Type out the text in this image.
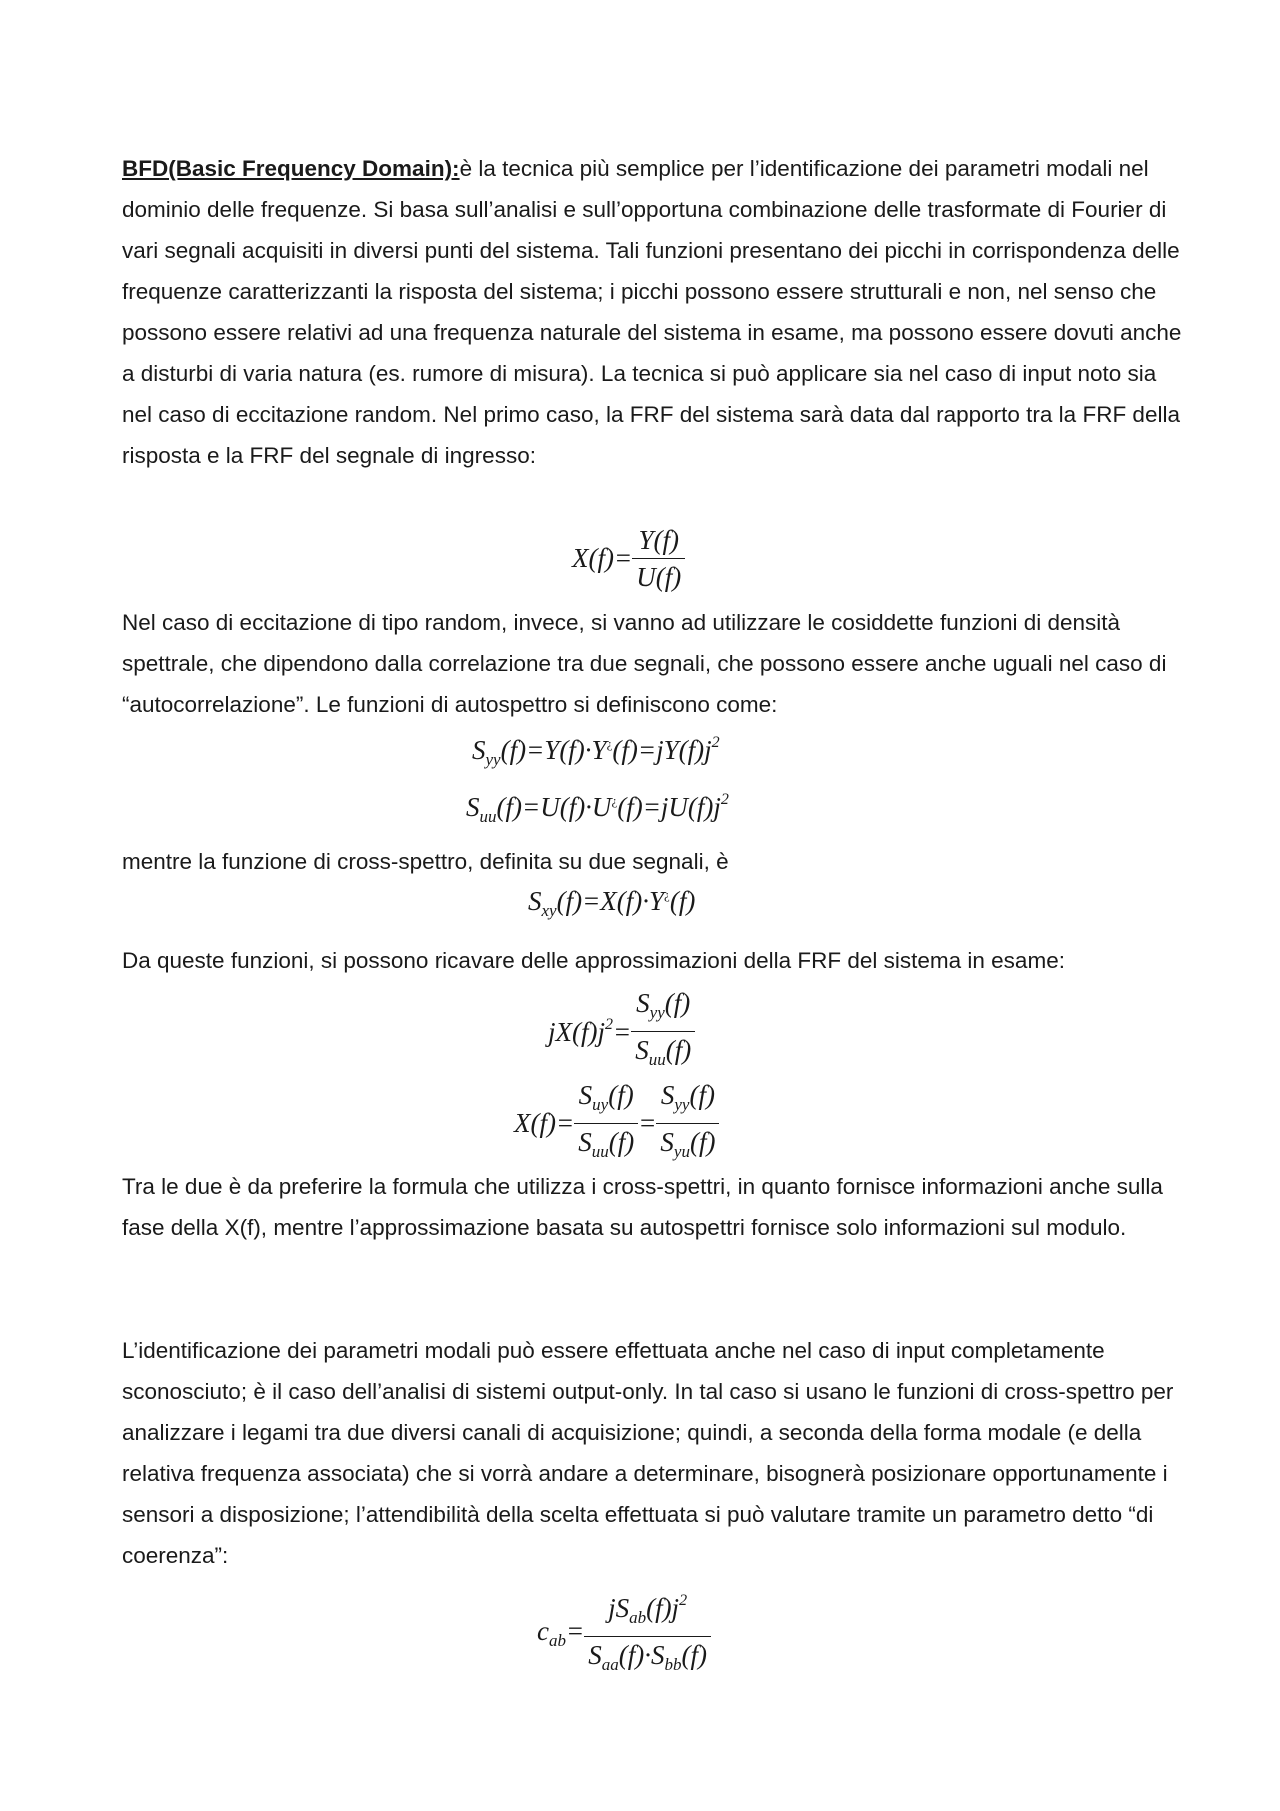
BFD(Basic Frequency Domain):è la tecnica più semplice per l’identificazione dei parametri modali nel dominio delle frequenze. Si basa sull’analisi e sull’opportuna combinazione delle trasformate di Fourier di vari segnali acquisiti in diversi punti del sistema. Tali funzioni presentano dei picchi in corrispondenza delle frequenze caratterizzanti la risposta del sistema; i picchi possono essere strutturali e non, nel senso che possono essere relativi ad una frequenza naturale del sistema in esame, ma possono essere dovuti anche a disturbi di varia natura (es. rumore di misura). La tecnica si può applicare sia nel caso di input noto sia nel caso di eccitazione random. Nel primo caso, la FRF del sistema sarà data dal rapporto tra la FRF della risposta e la FRF del segnale di ingresso:

$X(f)= \frac{Y(f)}{U(f)}$

Nel caso di eccitazione di tipo random, invece, si vanno ad utilizzare le cosiddette funzioni di densità spettrale, che dipendono dalla correlazione tra due segnali, che possono essere anche uguali nel caso di “autocorrelazione”. Le funzioni di autospettro si definiscono come:

$S_{yy}(f)=Y(f)\cdot Y^¿(f)=jY(f)j^2$
$S_{uu}(f)=U(f)\cdot U^¿(f)=jU(f)j^2$

mentre la funzione di cross-spettro, definita su due segnali, è

$S_{xy}(f)=X(f)\cdot Y^¿(f)$

Da queste funzioni, si possono ricavare delle approssimazioni della FRF del sistema in esame:

$jX(f)j^2= \frac{S_{yy}(f)}{S_{uu}(f)}$
$X(f)= \frac{S_{uy}(f)}{S_{uu}(f)} = \frac{S_{yy}(f)}{S_{yu}(f)}$

Tra le due è da preferire la formula che utilizza i cross-spettri, in quanto fornisce informazioni anche sulla fase della X(f), mentre l’approssimazione basata su autospettri fornisce solo informazioni sul modulo.

L’identificazione dei parametri modali può essere effettuata anche nel caso di input completamente sconosciuto; è il caso dell’analisi di sistemi output-only. In tal caso si usano le funzioni di cross-spettro per analizzare i legami tra due diversi canali di acquisizione; quindi, a seconda della forma modale (e della relativa frequenza associata) che si vorrà andare a determinare, bisognerà posizionare opportunamente i sensori a disposizione; l’attendibilità della scelta effettuata si può valutare tramite un parametro detto “di coerenza”:

$c_{ab}= \frac{jS_{ab}(f)j^2}{S_{aa}(f)\cdot S_{bb}(f)}$
